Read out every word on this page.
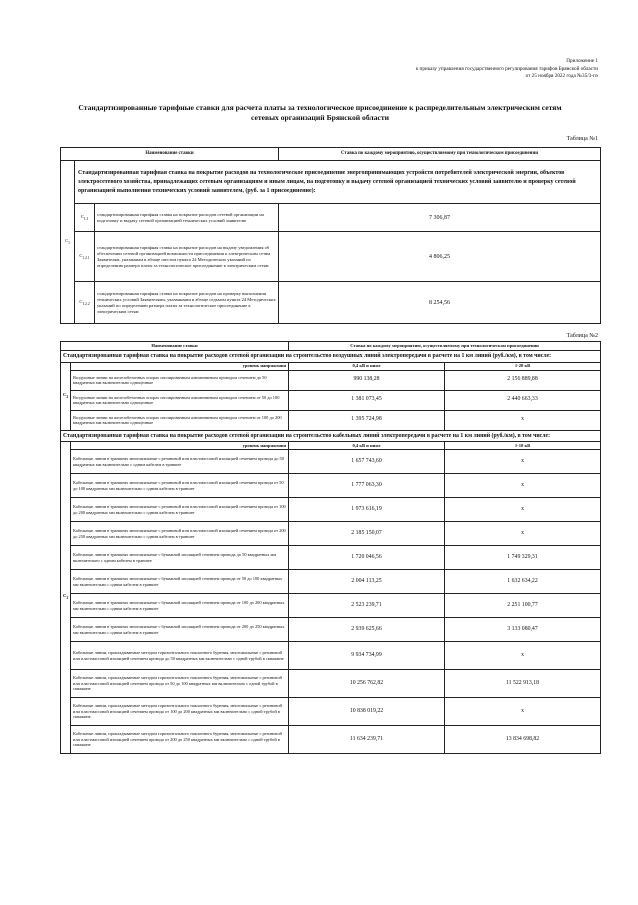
Приложение 1
к приказу управления государственного регулирования тарифов Брянской области
от 25 ноября 2022 года №35/3-пэ
Стандартизированные тарифные ставки для расчета платы за технологическое присоединение к распределительным электрическим сетям
сетевых организаций Брянской области
Таблица №1
Наименование ставки			Ставка по каждому мероприятию, осуществляемому при технологическом присоединении
$С_1$	Стандартизированная тарифная ставка на покрытие расходов на технологическое присоединение энергопринимающих устройств потребителей электрической энергии, объектов электросетевого хозяйства, принадлежащих сетевым организациям и иным лицам, на подготовку и выдачу сетевой организацией технических условий заявителю и проверку сетевой организацией выполнения технических условий заявителем, (руб. за 1 присоединение):		
	$С_{1.1}$	стандартизированная тарифная ставка на покрытие расходов сетевой организации на подготовку и выдачу сетевой организацией технических условий заявителю	7 306,87
	$С_{1.2.1}$	стандартизированная тарифная ставка на покрытие расходов на выдачу уведомления об обеспечении сетевой организацией возможности присоединения к электрическим сетям Заявителям, указанным в абзаце шестом пункта 24 Методических указаний по определению размера платы за технологическое присоединение к электрическим сетям	4 806,25
	$С_{1.2.2}$	стандартизированная тарифная ставка на покрытие расходов на проверку выполнения технических условий Заявителями, указанными в абзаце седьмом пункта 24 Методических указаний по определению размера платы за технологическое присоединение к электрическим сетям	8 254,56
Таблица №2
Наименование ставки		Ставка по каждому мероприятию, осуществляемому при технологическом присоединении	
Стандартизированная тарифная ставка на покрытие расходов сетевой организации на строительство воздушных линий электропередачи в расчете на 1 км линий (руб./км), в том числе:			
$С_2$	уровень напряжения	0,4 кВ и ниже	1-20 кВ
	Воздушные линии на железобетонных опорах изолированным алюминиевым проводом сечением до 50 квадратных мм включительно одноцепные	990 138,28	2 156 889,88
	Воздушные линии на железобетонных опорах изолированным алюминиевым проводом сечением от 50 до 100 квадратных мм включительно одноцепные	1 381 073,45	2 440 663,33
	Воздушные линии на железобетонных опорах изолированным алюминиевым проводом сечением от 100 до 200 квадратных мм включительно одноцепные	1 395 724,98	х
Стандартизированная тарифная ставка на покрытие расходов сетевой организации на строительство кабельных линий электропередачи в расчете на 1 км линий (руб./км), в том числе:			
$С_3$	уровень напряжения	0,4 кВ и ниже	1-10 кВ
	Кабельные линии в траншеях многожильные с резиновой или пластмассовой изоляцией сечением провода до 50 квадратных мм включительно с одним кабелем в траншее	1 657 743,60	х
	Кабельные линии в траншеях многожильные с резиновой или пластмассовой изоляцией сечением провода от 50 до 100 квадратных мм включительно с одним кабелем в траншее	1 777 063,30	х
	Кабельные линии в траншеях многожильные с резиновой или пластмассовой изоляцией сечением провода от 100 до 200 квадратных мм включительно с одним кабелем в траншее	1 973 616,19	х
	Кабельные линии в траншеях многожильные с резиновой или пластмассовой изоляцией сечением провода от 200 до 250 квадратных мм включительно с одним кабелем в траншее	2 185 150,07	х
	Кабельные линии в траншеях многожильные с бумажной изоляцией сечением провода до 50 квадратных мм включительно с одним кабелем в траншее	1 720 046,56	1 749 329,31
	Кабельные линии в траншеях многожильные с бумажной изоляцией сечением провода от 50 до 100 квадратных мм включительно с одним кабелем в траншее	2 004 113,25	1 632 634,22
	Кабельные линии в траншеях многожильные с бумажной изоляцией сечением провода от 100 до 200 квадратных мм включительно с одним кабелем в траншее	2 523 239,71	2 251 100,77
	Кабельные линии в траншеях многожильные с бумажной изоляцией сечением провода от 200 до 250 квадратных мм включительно с одним кабелем в траншее	2 939 625,66	3 133 080,47
	Кабельные линии, прокладываемые методом горизонтального наклонного бурения, многожильные с резиновой или пластмассовой изоляцией сечением провода до 50 квадратных мм включительно с одной трубой в скважине	9 934 734,99	х
	Кабельные линии, прокладываемые методом горизонтального наклонного бурения, многожильные с резиновой или пластмассовой изоляцией сечением провода от 50 до 100 квадратных мм включительно с одной трубой в скважине	10 256 762,82	11 522 913,18
	Кабельные линии, прокладываемые методом горизонтального наклонного бурения, многожильные с резиновой или пластмассовой изоляцией сечением провода от 100 до 200 квадратных мм включительно с одной трубой в скважине	10 838 019,22	х
	Кабельные линии, прокладываемые методом горизонтального наклонного бурения, многожильные с резиновой или пластмассовой изоляцией сечением провода от 200 до 250 квадратных мм включительно с одной трубой в скважине	11 634 239,71	13 834 698,82
